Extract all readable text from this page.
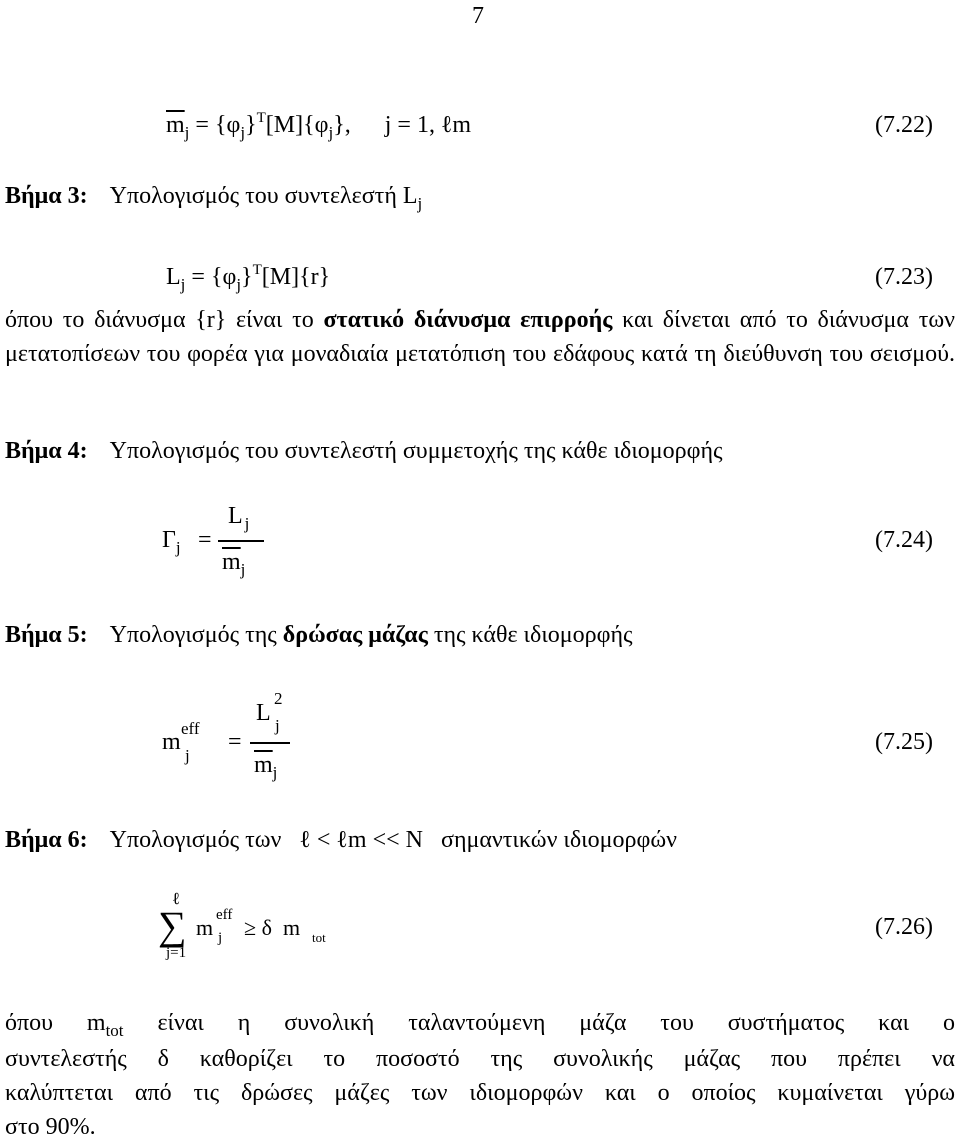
7
$\overline{m}_j = \{\varphi_j\}^T[M]\{\varphi_j\}$, j = 1, ℓm	(7.22)
Βήμα 3: Υπολογισμός του συντελεστή $L_j$
$L_j = \{\varphi_j\}^T[M]\{r\}$	(7.23)
όπου το διάνυσμα {r} είναι το στατικό διάνυσμα επιρροής και δίνεται από το διάνυσμα των μετατοπίσεων του φορέα για μοναδιαία μετατόπιση του εδάφους κατά τη διεύθυνση του σεισμού.
Βήμα 4: Υπολογισμός του συντελεστή συμμετοχής της κάθε ιδιομορφής
$\Gamma_j$ =
L $_j$
$\overline{m}_j$
(7.24)
Βήμα 5: Υπολογισμός της δρώσας μάζας της κάθε ιδιομορφής
m
eff
j
=
L
2
j
$\overline{m}_j$
(7.25)
Βήμα 6: Υπολογισμός των ℓ < ℓm << N σημαντικών ιδιομορφών
ℓ
∑
j=1
m eff
j ≥ δ  m tot	(7.26)
όπου $m_{tot}$ είναι η συνολική ταλαντούμενη μάζα του συστήματος και ο
συντελεστής δ καθορίζει το ποσοστό της συνολικής μάζας που πρέπει να
καλύπτεται από τις δρώσες μάζες των ιδιομορφών και ο οποίος κυμαίνεται γύρω
στο 90%.
